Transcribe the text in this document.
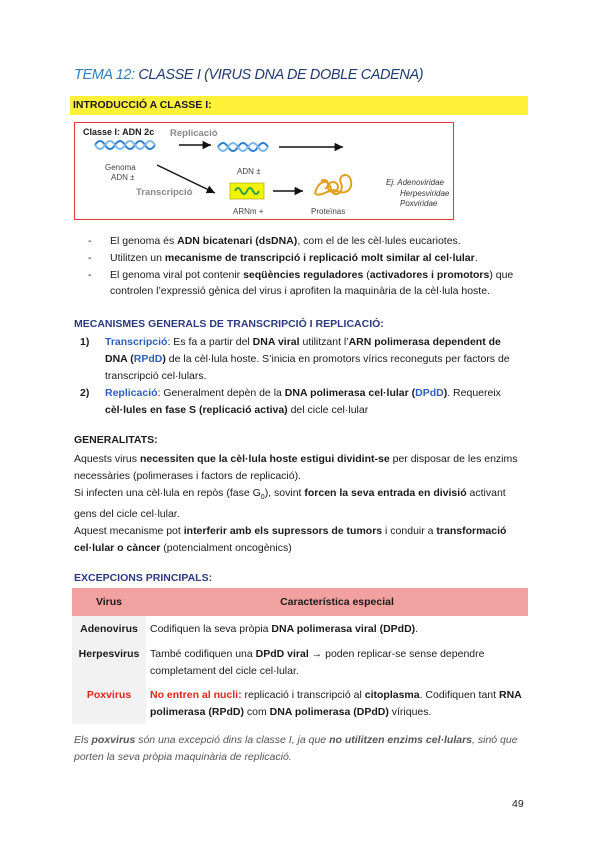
TEMA 12: CLASSE I (VIRUS DNA DE DOBLE CADENA)
INTRODUCCIÓ A CLASSE I:
Classe I: ADN 2c	Replicació
Transcripció
Genoma
ADN ±
ADN ±
ARNm +	Proteïnas
Ej. Adenoviridae
Herpesviridae
Poxviridae
- El genoma és ADN bicatenari (dsDNA), com el de les cèl·lules eucariotes.
- Utilitzen un mecanisme de transcripció i replicació molt similar al cel·lular.
- El genoma viral pot contenir seqüències reguladores (activadores i promotors) que controlen l’expressió gènica del virus i aprofiten la maquinària de la cèl·lula hoste.
MECANISMES GENERALS DE TRANSCRIPCIÓ I REPLICACIÓ:
1) Transcripció: Es fa a partir del DNA viral utilitzant l’ARN polimerasa dependent de DNA (RPdD) de la cèl·lula hoste. S’inicia en promotors vírics reconeguts per factors de transcripció cel·lulars.
2) Replicació: Generalment depèn de la DNA polimerasa cel·lular (DPdD). Requereix cèl·lules en fase S (replicació activa) del cicle cel·lular
GENERALITATS:
Aquests virus necessiten que la cèl·lula hoste estigui dividint-se per disposar de les enzims necessàries (polimerases i factors de replicació).
Si infecten una cèl·lula en repòs (fase $G_0$), sovint forcen la seva entrada en divisió activant gens del cicle cel·lular.
Aquest mecanisme pot interferir amb els supressors de tumors i conduir a transformació cel·lular o càncer (potencialment oncogènics)
EXCEPCIONS PRINCIPALS:
Virus	Característica especial
Adenovirus	Codifiquen la seva pròpia DNA polimerasa viral (DPdD).
Herpesvirus	També codifiquen una DPdD viral → poden replicar-se sense dependre completament del cicle cel·lular.
Poxvirus	No entren al nucli: replicació i transcripció al citoplasma. Codifiquen tant RNA polimerasa (RPdD) com DNA polimerasa (DPdD) víriques.
Els poxvirus són una excepció dins la classe I, ja que no utilitzen enzims cel·lulars, sinó que porten la seva pròpia maquinària de replicació.
49
